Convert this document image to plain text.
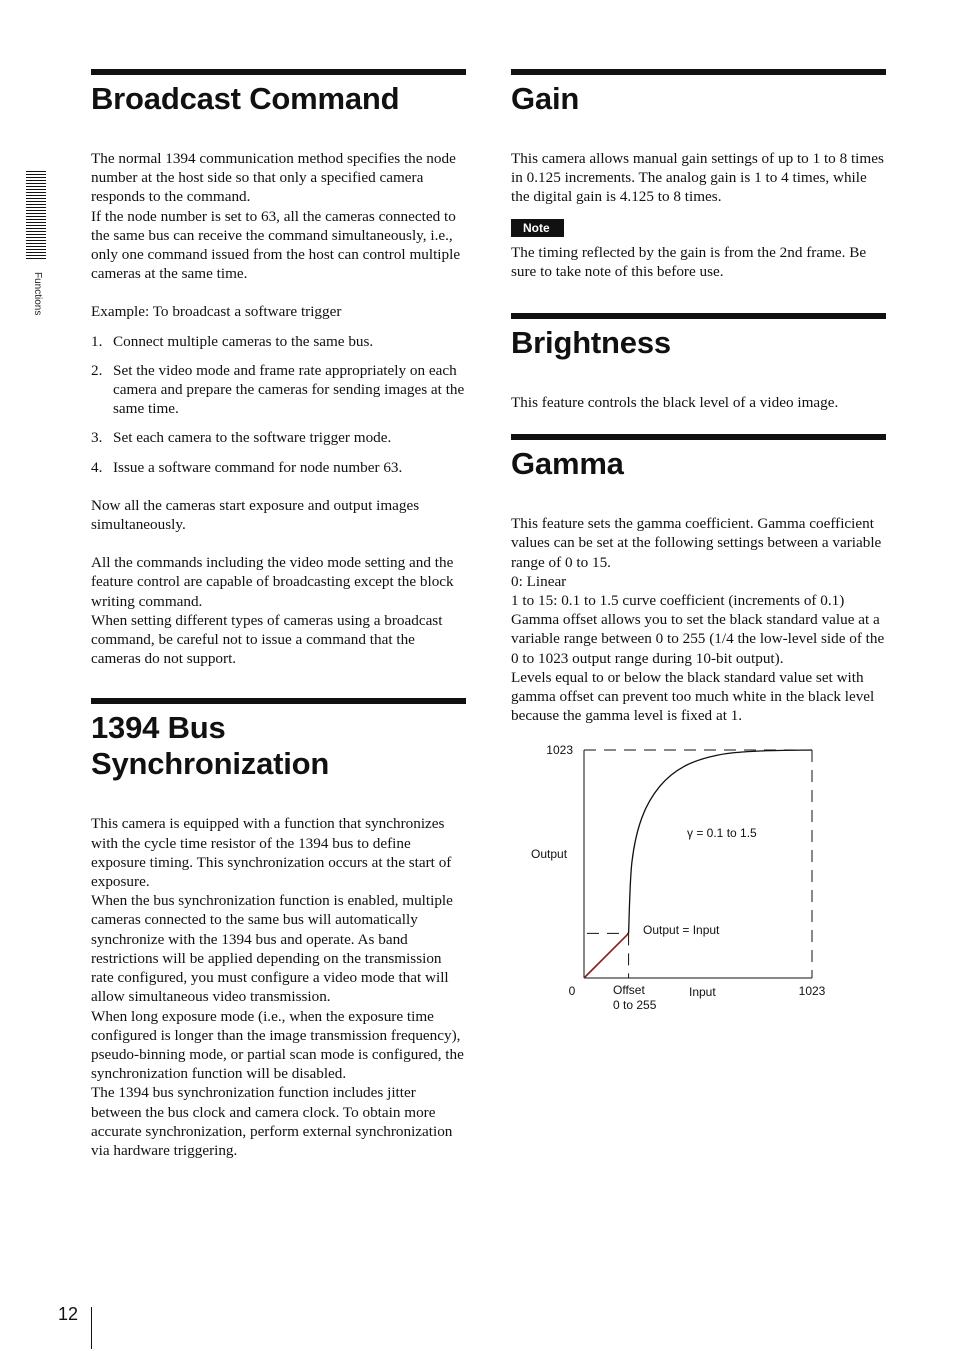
Functions
Broadcast Command

The normal 1394 communication method specifies the node number at the host side so that only a specified camera responds to the command.

If the node number is set to 63, all the cameras connected to the same bus can receive the command simultaneously, i.e., only one command issued from the host can control multiple cameras at the same time.

Example: To broadcast a software trigger

1. Connect multiple cameras to the same bus.
2. Set the video mode and frame rate appropriately on each camera and prepare the cameras for sending images at the same time.
3. Set each camera to the software trigger mode.
4. Issue a software command for node number 63.

Now all the cameras start exposure and output images simultaneously.

All the commands including the video mode setting and the feature control are capable of broadcasting except the block writing command.

When setting different types of cameras using a broadcast command, be careful not to issue a command that the cameras do not support.

1394 Bus Synchronization

This camera is equipped with a function that synchronizes with the cycle time resistor of the 1394 bus to define exposure timing. This synchronization occurs at the start of exposure.

When the bus synchronization function is enabled, multiple cameras connected to the same bus will automatically synchronize with the 1394 bus and operate. As band restrictions will be applied depending on the transmission rate configured, you must configure a video mode that will allow simultaneous video transmission.

When long exposure mode (i.e., when the exposure time configured is longer than the image transmission frequency), pseudo-binning mode, or partial scan mode is configured, the synchronization function will be disabled.

The 1394 bus synchronization function includes jitter between the bus clock and camera clock. To obtain more accurate synchronization, perform external synchronization via hardware triggering.

Gain

This camera allows manual gain settings of up to 1 to 8 times in 0.125 increments. The analog gain is 1 to 4 times, while the digital gain is 4.125 to 8 times.

Note

The timing reflected by the gain is from the 2nd frame. Be sure to take note of this before use.

Brightness

This feature controls the black level of a video image.

Gamma

This feature sets the gamma coefficient. Gamma coefficient values can be set at the following settings between a variable range of 0 to 15.

0: Linear

1 to 15: 0.1 to 1.5 curve coefficient (increments of 0.1)

Gamma offset allows you to set the black standard value at a variable range between 0 to 255 (1/4 the low-level side of the 0 to 1023 output range during 10-bit output).

Levels equal to or below the black standard value set with gamma offset can prevent too much white in the black level because the gamma level is fixed at 1.

1023
0	1023
Output
Input
γ = 0.1 to 1.5
Output = Input
Offset
0 to 255
12
